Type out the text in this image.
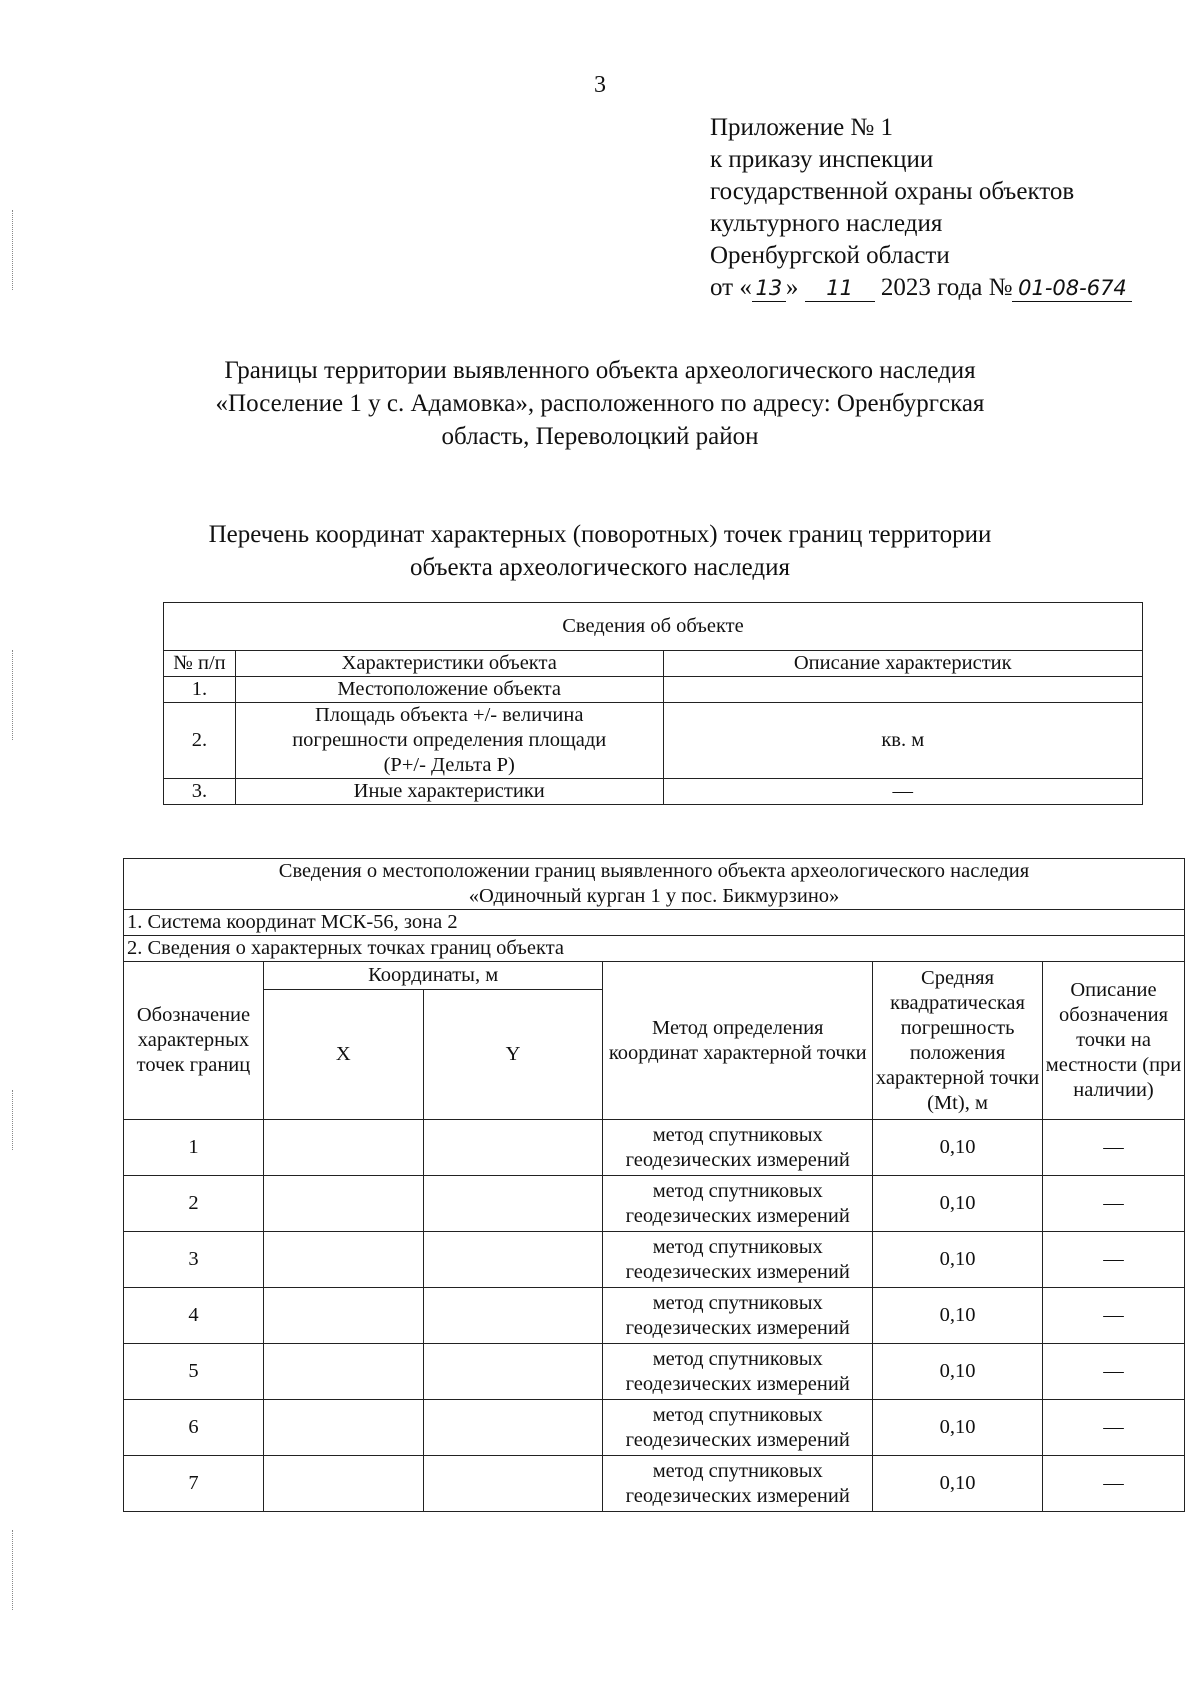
3
Приложение № 1
к приказу инспекции
государственной охраны объектов
культурного наследия
Оренбургской области
от « 13 » 11 2023 года № 01-08-674
Границы территории выявленного объекта археологического наследия
«Поселение 1 у с. Адамовка», расположенного по адресу: Оренбургская
область, Переволоцкий район
Перечень координат характерных (поворотных) точек границ территории
объекта археологического наследия
Сведения об объекте		
№ п/п	Характеристики объекта	Описание характеристик
1.	Местоположение объекта	
2.	Площадь объекта +/- величина
погрешности определения площади
(P+/- Дельта P)	кв. м
3.	Иные характеристики	—
Сведения о местоположении границ выявленного объекта археологического наследия
«Одиночный курган 1 у пос. Бикмурзино»					

1. Система координат МСК-56, зона 2					
2. Сведения о характерных точках границ объекта					
Обозначение характерных точек границ	Координаты, м		Метод определения координат характерной точки	Средняя квадратическая погрешность положения характерной точки (Mt), м	Описание обозначения точки на местности (при наличии)
	X	Y			
1			метод спутниковых
геодезических измерений	0,10	—
2			метод спутниковых
геодезических измерений	0,10	—
3			метод спутниковых
геодезических измерений	0,10	—
4			метод спутниковых
геодезических измерений	0,10	—
5			метод спутниковых
геодезических измерений	0,10	—
6			метод спутниковых
геодезических измерений	0,10	—
7			метод спутниковых
геодезических измерений	0,10	—
